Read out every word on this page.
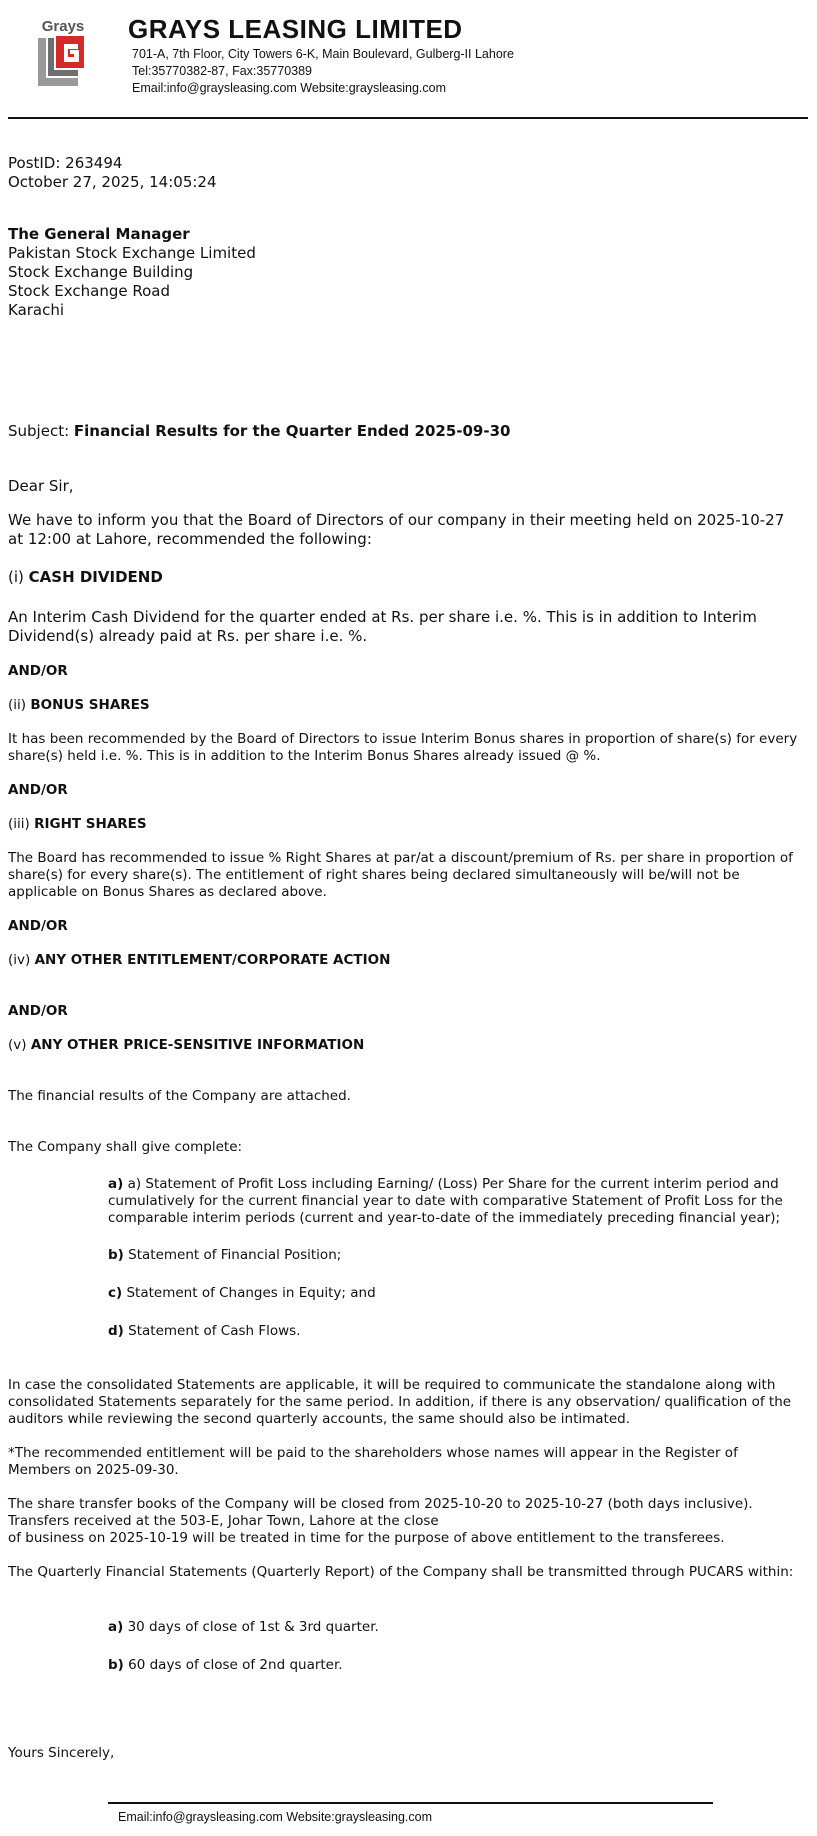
Grays GRAYS LEASING LIMITED
701-A, 7th Floor, City Towers 6-K, Main Boulevard, Gulberg-II Lahore
Tel:35770382-87, Fax:35770389
Email:info@graysleasing.com Website:graysleasing.com
PostID: 263494
October 27, 2025, 14:05:24
The General Manager
Pakistan Stock Exchange Limited
Stock Exchange Building
Stock Exchange Road
Karachi
Subject: Financial Results for the Quarter Ended 2025-09-30
Dear Sir,
We have to inform you that the Board of Directors of our company in their meeting held on 2025-10-27 at 12:00 at Lahore, recommended the following:
(i) CASH DIVIDEND
An Interim Cash Dividend for the quarter ended at Rs. per share i.e. %. This is in addition to Interim Dividend(s) already paid at Rs. per share i.e. %.
AND/OR
(ii) BONUS SHARES
It has been recommended by the Board of Directors to issue Interim Bonus shares in proportion of share(s) for every share(s) held i.e. %. This is in addition to the Interim Bonus Shares already issued @ %.
AND/OR
(iii) RIGHT SHARES
The Board has recommended to issue % Right Shares at par/at a discount/premium of Rs. per share in proportion of share(s) for every share(s). The entitlement of right shares being declared simultaneously will be/will not be applicable on Bonus Shares as declared above.
AND/OR
(iv) ANY OTHER ENTITLEMENT/CORPORATE ACTION
AND/OR
(v) ANY OTHER PRICE-SENSITIVE INFORMATION
The financial results of the Company are attached.
The Company shall give complete:
a) a) Statement of Profit Loss including Earning/ (Loss) Per Share for the current interim period and cumulatively for the current financial year to date with comparative Statement of Profit Loss for the comparable interim periods (current and year-to-date of the immediately preceding financial year);
b) Statement of Financial Position;
c) Statement of Changes in Equity; and
d) Statement of Cash Flows.
In case the consolidated Statements are applicable, it will be required to communicate the standalone along with consolidated Statements separately for the same period. In addition, if there is any observation/ qualification of the auditors while reviewing the second quarterly accounts, the same should also be intimated.
*The recommended entitlement will be paid to the shareholders whose names will appear in the Register of Members on 2025-09-30.
The share transfer books of the Company will be closed from 2025-10-20 to 2025-10-27 (both days inclusive).
Transfers received at the 503-E, Johar Town, Lahore at the close
of business on 2025-10-19 will be treated in time for the purpose of above entitlement to the transferees.
The Quarterly Financial Statements (Quarterly Report) of the Company shall be transmitted through PUCARS within:
a) 30 days of close of 1st & 3rd quarter.
b) 60 days of close of 2nd quarter.
Yours Sincerely,
Email:info@graysleasing.com Website:graysleasing.com
